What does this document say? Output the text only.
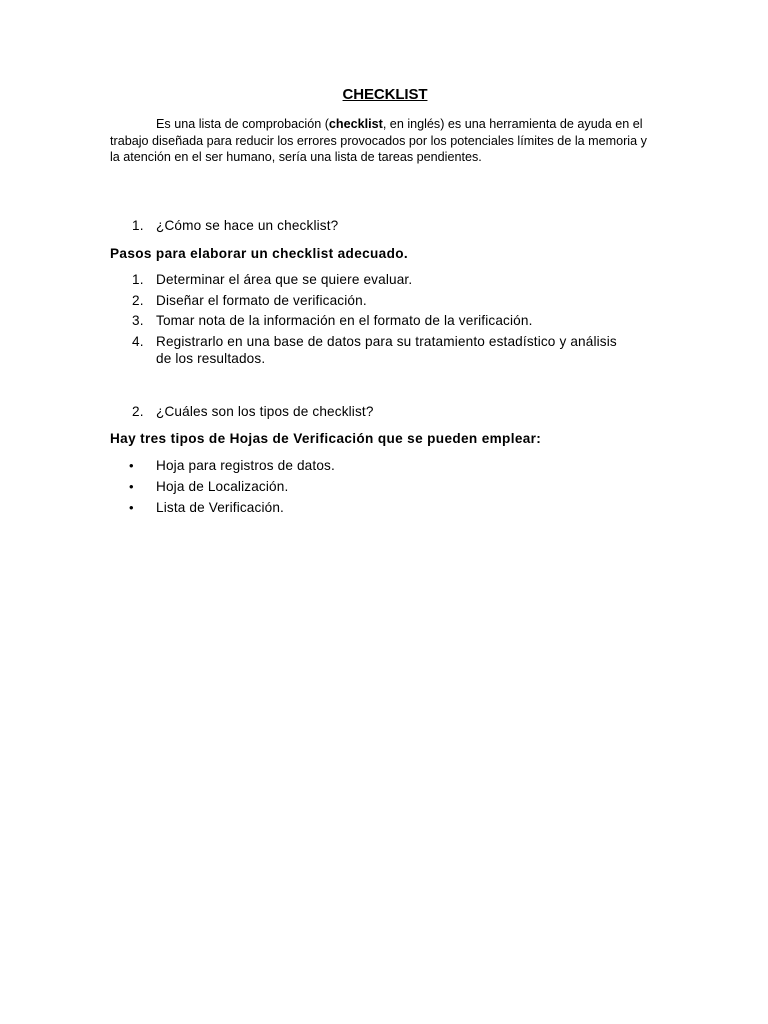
CHECKLIST
Es una lista de comprobación (checklist, en inglés) es una herramienta de ayuda en el trabajo diseñada para reducir los errores provocados por los potenciales límites de la memoria y la atención en el ser humano, sería una lista de tareas pendientes.
1. ¿Cómo se hace un checklist?
Pasos para elaborar un checklist adecuado.
1. Determinar el área que se quiere evaluar.
2. Diseñar el formato de verificación.
3. Tomar nota de la información en el formato de la verificación.
4. Registrarlo en una base de datos para su tratamiento estadístico y análisis de los resultados.
2. ¿Cuáles son los tipos de checklist?
Hay tres tipos de Hojas de Verificación que se pueden emplear:
• Hoja para registros de datos.
• Hoja de Localización.
• Lista de Verificación.
